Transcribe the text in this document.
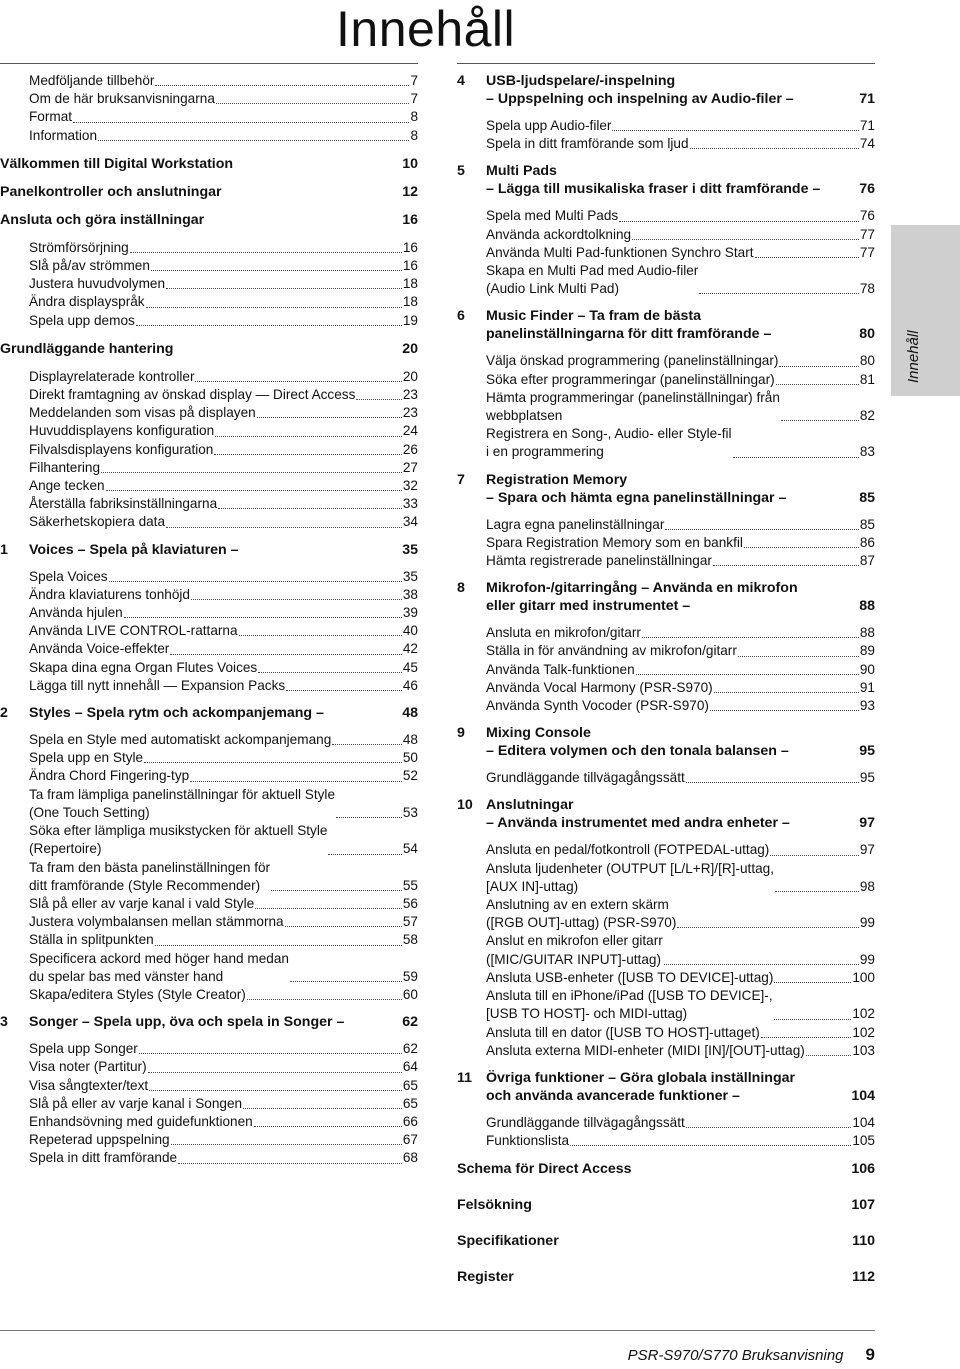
Innehåll
Medföljande tillbehör	7
Om de här bruksanvisningarna	7
Format	8
Information	8
Välkommen till Digital Workstation	10
Panelkontroller och anslutningar	12
Ansluta och göra inställningar	16
Strömförsörjning	16
Slå på/av strömmen	16
Justera huvudvolymen	18
Ändra displayspråk	18
Spela upp demos	19
Grundläggande hantering	20
Displayrelaterade kontroller	20
Direkt framtagning av önskad display — Direct Access	23
Meddelanden som visas på displayen	23
Huvuddisplayens konfiguration	24
Filvalsdisplayens konfiguration	26
Filhantering	27
Ange tecken	32
Återställa fabriksinställningarna	33
Säkerhetskopiera data	34
1	Voices – Spela på klaviaturen –	35
Spela Voices	35
Ändra klaviaturens tonhöjd	38
Använda hjulen	39
Använda LIVE CONTROL-rattarna	40
Använda Voice-effekter	42
Skapa dina egna Organ Flutes Voices	45
Lägga till nytt innehåll — Expansion Packs	46
2	Styles – Spela rytm och ackompanjemang –	48
Spela en Style med automatiskt ackompanjemang	48
Spela upp en Style	50
Ändra Chord Fingering-typ	52
Ta fram lämpliga panelinställningar för aktuell Style
(One Touch Setting)	53
Söka efter lämpliga musikstycken för aktuell Style
(Repertoire)	54
Ta fram den bästa panelinställningen för
ditt framförande (Style Recommender)	55
Slå på eller av varje kanal i vald Style	56
Justera volymbalansen mellan stämmorna	57
Ställa in splitpunkten	58
Specificera ackord med höger hand medan
du spelar bas med vänster hand	59
Skapa/editera Styles (Style Creator)	60
3	Songer – Spela upp, öva och spela in Songer –	62
Spela upp Songer	62
Visa noter (Partitur)	64
Visa sångtexter/text	65
Slå på eller av varje kanal i Songen	65
Enhandsövning med guidefunktionen	66
Repeterad uppspelning	67
Spela in ditt framförande	68
4	USB-ljudspelare/-inspelning
– Uppspelning och inspelning av Audio-filer –	71
Spela upp Audio-filer	71
Spela in ditt framförande som ljud	74
5	Multi Pads
– Lägga till musikaliska fraser i ditt framförande –	76
Spela med Multi Pads	76
Använda ackordtolkning	77
Använda Multi Pad-funktionen Synchro Start	77
Skapa en Multi Pad med Audio-filer
(Audio Link Multi Pad)	78
6	Music Finder – Ta fram de bästa
panelinställningarna för ditt framförande –	80
Välja önskad programmering (panelinställningar)	80
Söka efter programmeringar (panelinställningar)	81
Hämta programmeringar (panelinställningar) från
webbplatsen	82
Registrera en Song-, Audio- eller Style-fil
i en programmering	83
7	Registration Memory
– Spara och hämta egna panelinställningar –	85
Lagra egna panelinställningar	85
Spara Registration Memory som en bankfil	86
Hämta registrerade panelinställningar	87
8	Mikrofon-/gitarringång – Använda en mikrofon
eller gitarr med instrumentet –	88
Ansluta en mikrofon/gitarr	88
Ställa in för användning av mikrofon/gitarr	89
Använda Talk-funktionen	90
Använda Vocal Harmony (PSR-S970)	91
Använda Synth Vocoder (PSR-S970)	93
9	Mixing Console
– Editera volymen och den tonala balansen –	95
Grundläggande tillvägagångssätt	95
10 Anslutningar
– Använda instrumentet med andra enheter –	97
Ansluta en pedal/fotkontroll (FOTPEDAL-uttag)	97
Ansluta ljudenheter (OUTPUT [L/L+R]/[R]-uttag,
[AUX IN]-uttag)	98
Anslutning av en extern skärm
([RGB OUT]-uttag) (PSR-S970)	99
Anslut en mikrofon eller gitarr
([MIC/GUITAR INPUT]-uttag)	99
Ansluta USB-enheter ([USB TO DEVICE]-uttag)	100
Ansluta till en iPhone/iPad ([USB TO DEVICE]-,
[USB TO HOST]- och MIDI-uttag)	102
Ansluta till en dator ([USB TO HOST]-uttaget)	102
Ansluta externa MIDI-enheter (MIDI [IN]/[OUT]-uttag)	103
11 Övriga funktioner – Göra globala inställningar
och använda avancerade funktioner –	104
Grundläggande tillvägagångssätt	104
Funktionslista	105
Schema för Direct Access	106
Felsökning	107
Specifikationer	110
Register	112
Innehåll
PSR-S970/S770 Bruksanvisning 9
